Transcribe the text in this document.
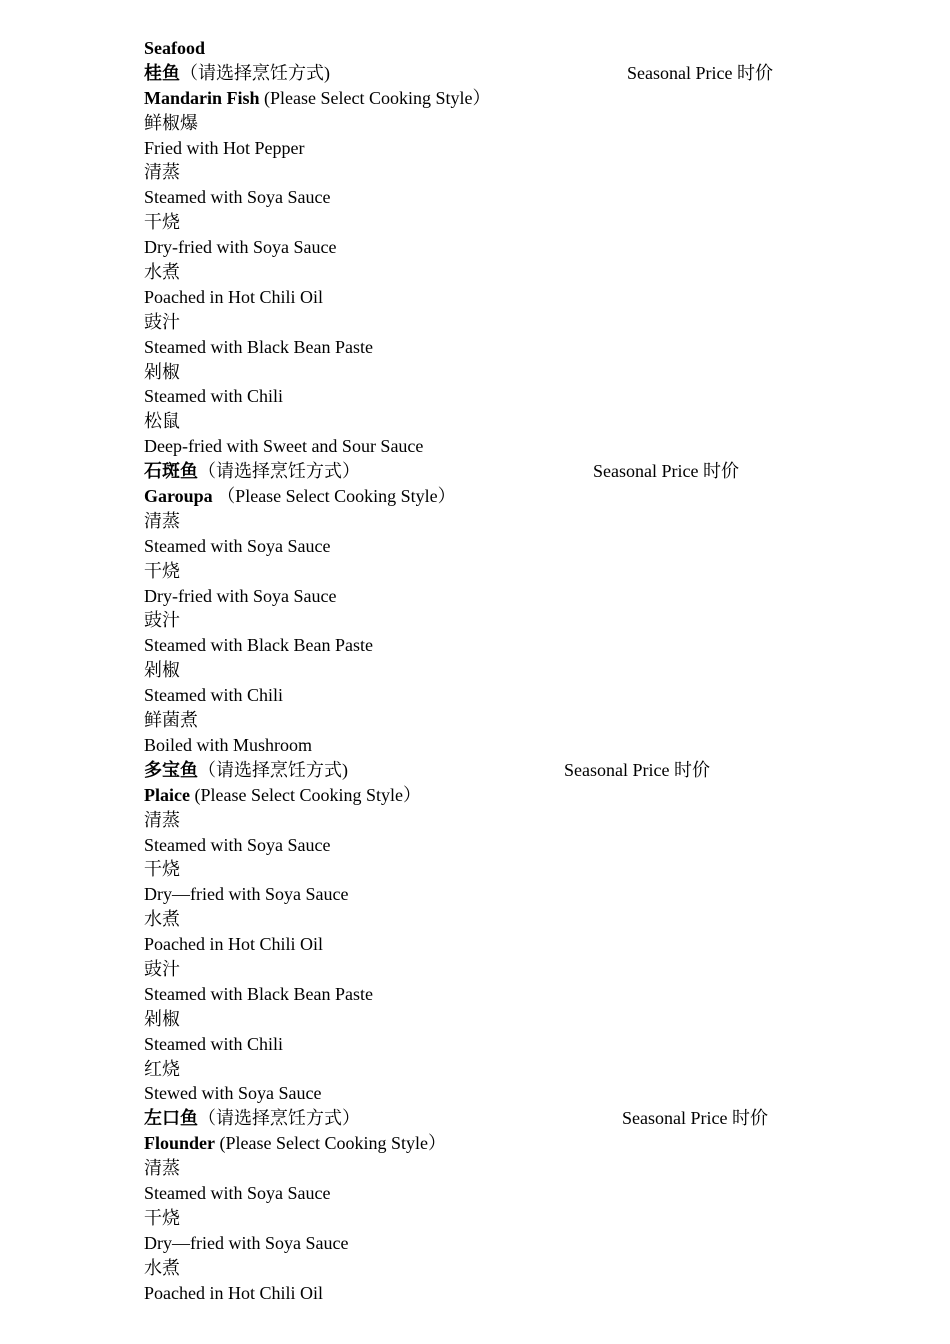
Seafood
桂鱼（请选择烹饪方式)	Seasonal Price 时价
Mandarin Fish (Please Select Cooking Style）
鲜椒爆
Fried with Hot Pepper
清蒸
Steamed with Soya Sauce
干烧
Dry-fried with Soya Sauce
水煮
Poached in Hot Chili Oil
豉汁
Steamed with Black Bean Paste
剁椒
Steamed with Chili
松鼠
Deep-fried with Sweet and Sour Sauce
石斑鱼（请选择烹饪方式）	Seasonal Price 时价
Garoupa （Please Select Cooking Style）
清蒸
Steamed with Soya Sauce
干烧
Dry-fried with Soya Sauce
豉汁
Steamed with Black Bean Paste
剁椒
Steamed with Chili
鲜菌煮
Boiled with Mushroom
多宝鱼（请选择烹饪方式)	Seasonal Price 时价
Plaice (Please Select Cooking Style）
清蒸
Steamed with Soya Sauce
干烧
Dry—fried with Soya Sauce
水煮
Poached in Hot Chili Oil
豉汁
Steamed with Black Bean Paste
剁椒
Steamed with Chili
红烧
Stewed with Soya Sauce
左口鱼（请选择烹饪方式）	Seasonal Price 时价
Flounder (Please Select Cooking Style）
清蒸
Steamed with Soya Sauce
干烧
Dry—fried with Soya Sauce
水煮
Poached in Hot Chili Oil
